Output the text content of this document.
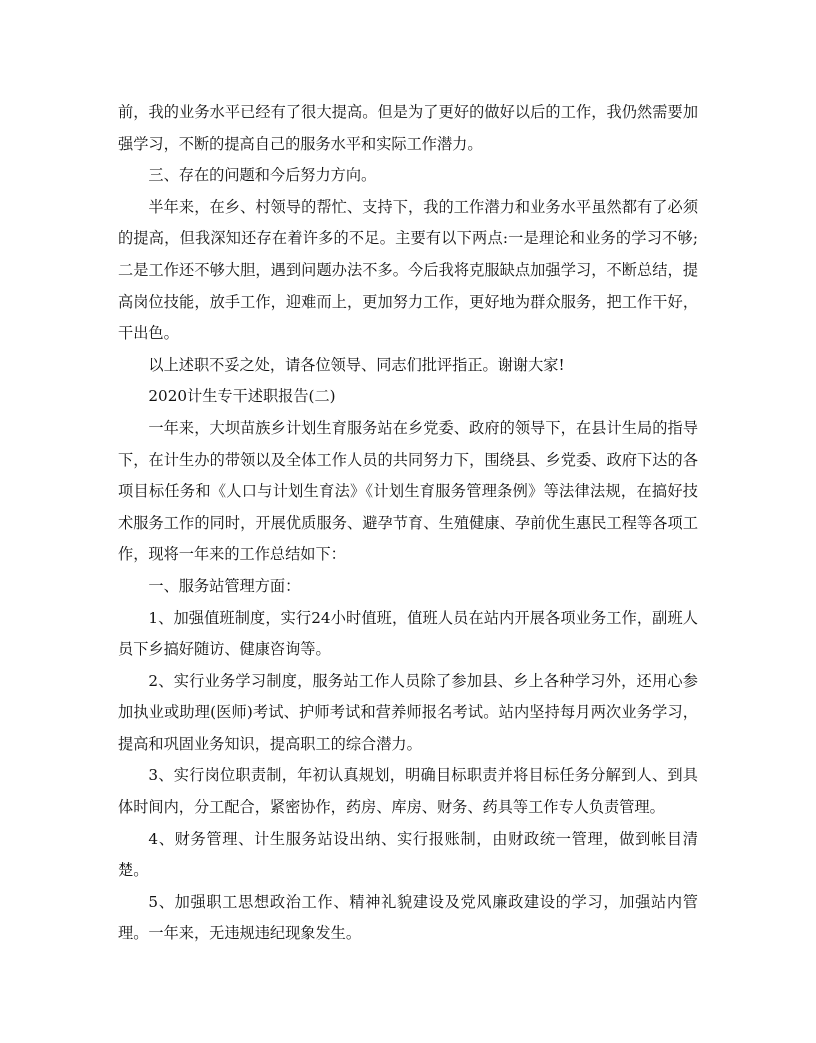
前，我的业务水平已经有了很大提高。但是为了更好的做好以后的工作，我仍然需要加强学习，不断的提高自己的服务水平和实际工作潜力。

三、存在的问题和今后努力方向。

半年来，在乡、村领导的帮忙、支持下，我的工作潜力和业务水平虽然都有了必须的提高，但我深知还存在着许多的不足。主要有以下两点:一是理论和业务的学习不够;二是工作还不够大胆，遇到问题办法不多。今后我将克服缺点加强学习，不断总结，提高岗位技能，放手工作，迎难而上，更加努力工作，更好地为群众服务，把工作干好，干出色。

以上述职不妥之处，请各位领导、同志们批评指正。谢谢大家!

2020计生专干述职报告(二)

一年来，大坝苗族乡计划生育服务站在乡党委、政府的领导下，在县计生局的指导下，在计生办的带领以及全体工作人员的共同努力下，围绕县、乡党委、政府下达的各项目标任务和《人口与计划生育法》《计划生育服务管理条例》等法律法规，在搞好技术服务工作的同时，开展优质服务、避孕节育、生殖健康、孕前优生惠民工程等各项工作，现将一年来的工作总结如下：

一、服务站管理方面：

1、加强值班制度，实行24小时值班，值班人员在站内开展各项业务工作，副班人员下乡搞好随访、健康咨询等。

2、实行业务学习制度，服务站工作人员除了参加县、乡上各种学习外，还用心参加执业或助理(医师)考试、护师考试和营养师报名考试。站内坚持每月两次业务学习，提高和巩固业务知识，提高职工的综合潜力。

3、实行岗位职责制，年初认真规划，明确目标职责并将目标任务分解到人、到具体时间内，分工配合，紧密协作，药房、库房、财务、药具等工作专人负责管理。

4、财务管理、计生服务站设出纳、实行报账制，由财政统一管理，做到帐目清楚。

5、加强职工思想政治工作、精神礼貌建设及党风廉政建设的学习，加强站内管理。一年来，无违规违纪现象发生。
